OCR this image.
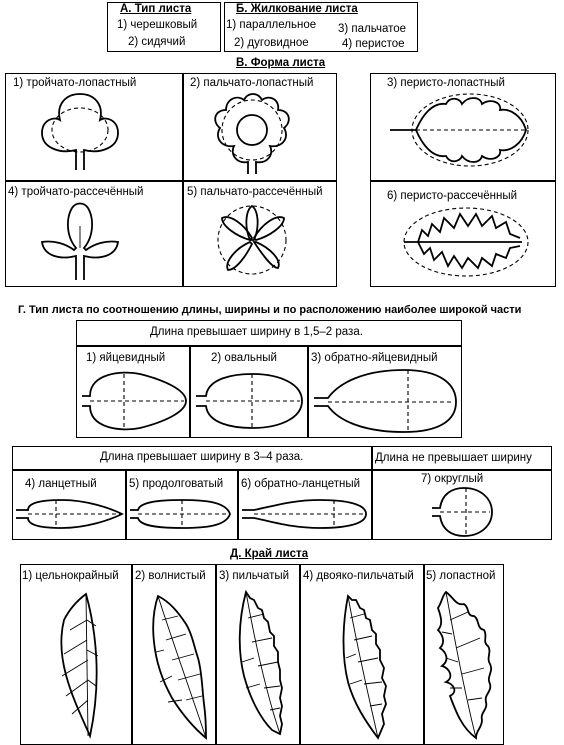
А. Тип листа
1) черешковый
2) сидячий
Б. Жилкование листа
1) параллельное 3) пальчатое
2) дуговидное	4) перистое
В. Форма листа
1) тройчато-лопастный	2) пальчато-лопастный	3) перисто-лопастный
4) тройчато-рассечённый	5) пальчато-рассечённый	6) перисто-рассечённый
Г. Тип листа по соотношению длины, ширины и по расположению наиболее широкой части
Длина превышает ширину в 1,5–2 раза.
1) яйцевидный	2) овальный	3) обратно-яйцевидный
Длина превышает ширину в 3–4 раза.	Длина не превышает ширину
4) ланцетный	5) продолговатый 6) обратно-ланцетный	7) округлый
Д. Край листа
1) цельнокрайный 2) волнистый 3) пильчатый 4) двояко-пильчатый 5) лопастной
